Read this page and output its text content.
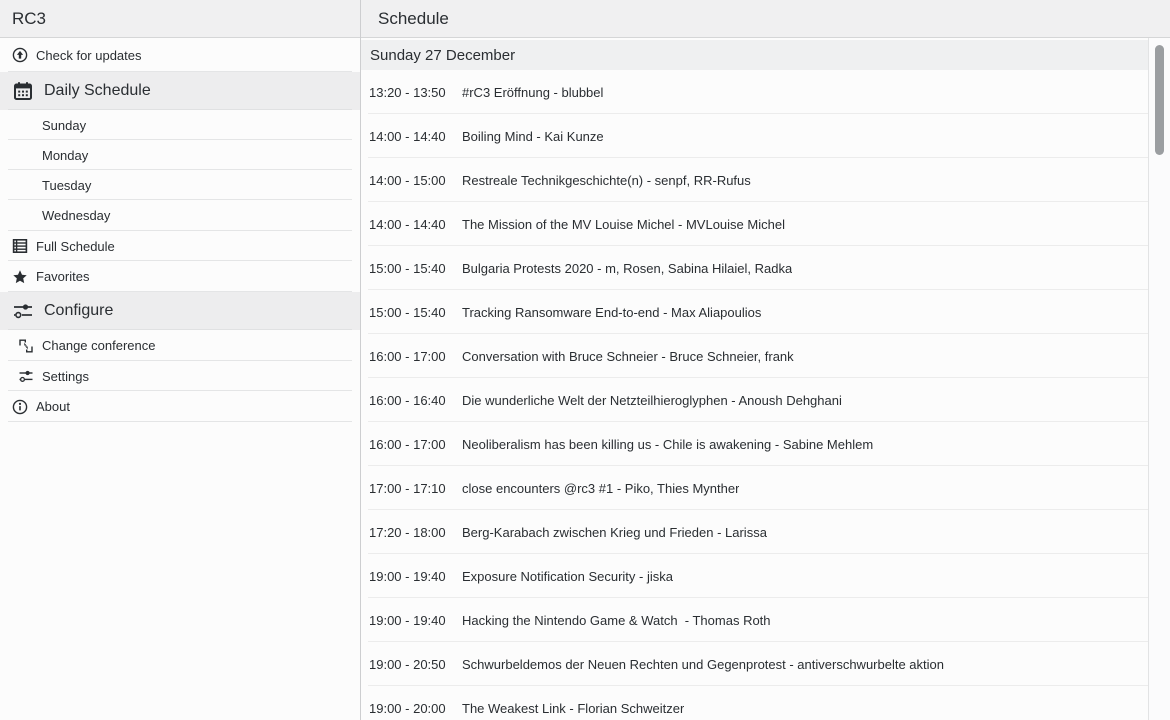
RC3
Check for updates
Daily Schedule
Sunday
Monday
Tuesday
Wednesday
Full Schedule
Favorites
Configure
Change conference
Settings
About
Schedule
Sunday 27 December
13:20 - 13:50	#rC3 Eröffnung - blubbel
14:00 - 14:40	Boiling Mind - Kai Kunze
14:00 - 15:00	Restreale Technikgeschichte(n) - senpf, RR-Rufus
14:00 - 14:40	The Mission of the MV Louise Michel - MVLouise Michel
15:00 - 15:40	Bulgaria Protests 2020 - m, Rosen, Sabina Hilaiel, Radka
15:00 - 15:40	Tracking Ransomware End-to-end - Max Aliapoulios
16:00 - 17:00	Conversation with Bruce Schneier - Bruce Schneier, frank
16:00 - 16:40	Die wunderliche Welt der Netzteilhieroglyphen - Anoush Dehghani
16:00 - 17:00	Neoliberalism has been killing us - Chile is awakening - Sabine Mehlem
17:00 - 17:10	close encounters @rc3 #1 - Piko, Thies Mynther
17:20 - 18:00	Berg-Karabach zwischen Krieg und Frieden - Larissa
19:00 - 19:40	Exposure Notification Security - jiska
19:00 - 19:40	Hacking the Nintendo Game & Watch  - Thomas Roth
19:00 - 20:50	Schwurbeldemos der Neuen Rechten und Gegenprotest - antiverschwurbelte aktion
19:00 - 20:00	The Weakest Link - Florian Schweitzer
